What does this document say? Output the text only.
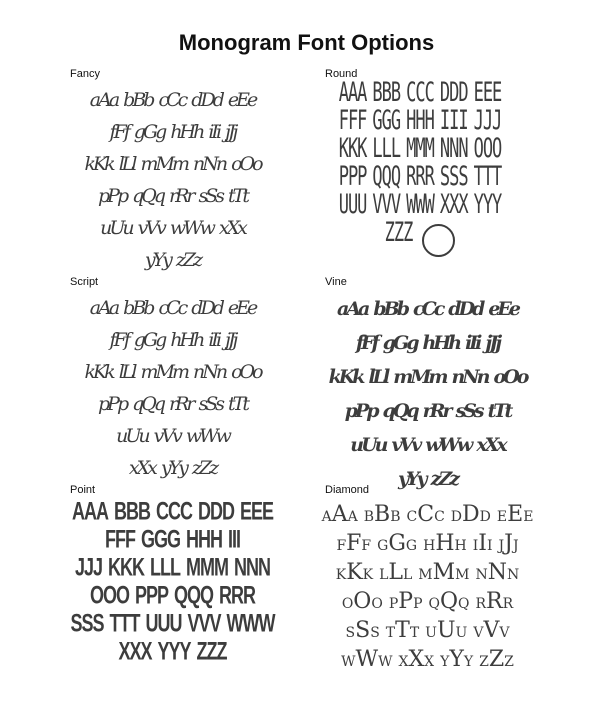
Monogram Font Options
Fancy
aAa bBb cCc dDd eEe
fFf gGg hHh iIi jJj
kKk lLl mMm nNn oOo
pPp qQq rRr sSs tTt
uUu vVv wWw xXx
yYy zZz
Round
AAA BBB CCC DDD EEE
FFF GGG HHH III JJJ
KKK LLL MMM NNN OOO
PPP QQQ RRR SSS TTT
UUU VVV WWW XXX YYY
ZZZ
Script
aAa bBb cCc dDd eEe
fFf gGg hHh iIi jJj
kKk lLl mMm nNn oOo
pPp qQq rRr sSs tTt
uUu vVv wWw
xXx yYy zZz
Vine
aAa bBb cCc dDd eEe
fFf gGg hHh iIi jJj
kKk lLl mMm nNn oOo
pPp qQq rRr sSs tTt
uUu vVv wWw xXx
yYy zZz
Point
AAA BBB CCC DDD EEE
FFF GGG HHH III
JJJ KKK LLL MMM NNN
OOO PPP QQQ RRR
SSS TTT UUU VVV WWW
XXX YYY ZZZ
Diamond
AAA BBB CCC DDD EEE
FFF GGG HHH III JJJ
KKK LLL MMM NNN
OOO PPP QQQ RRR
SSS TTT UUU VVV
WWW XXX YYY ZZZ
